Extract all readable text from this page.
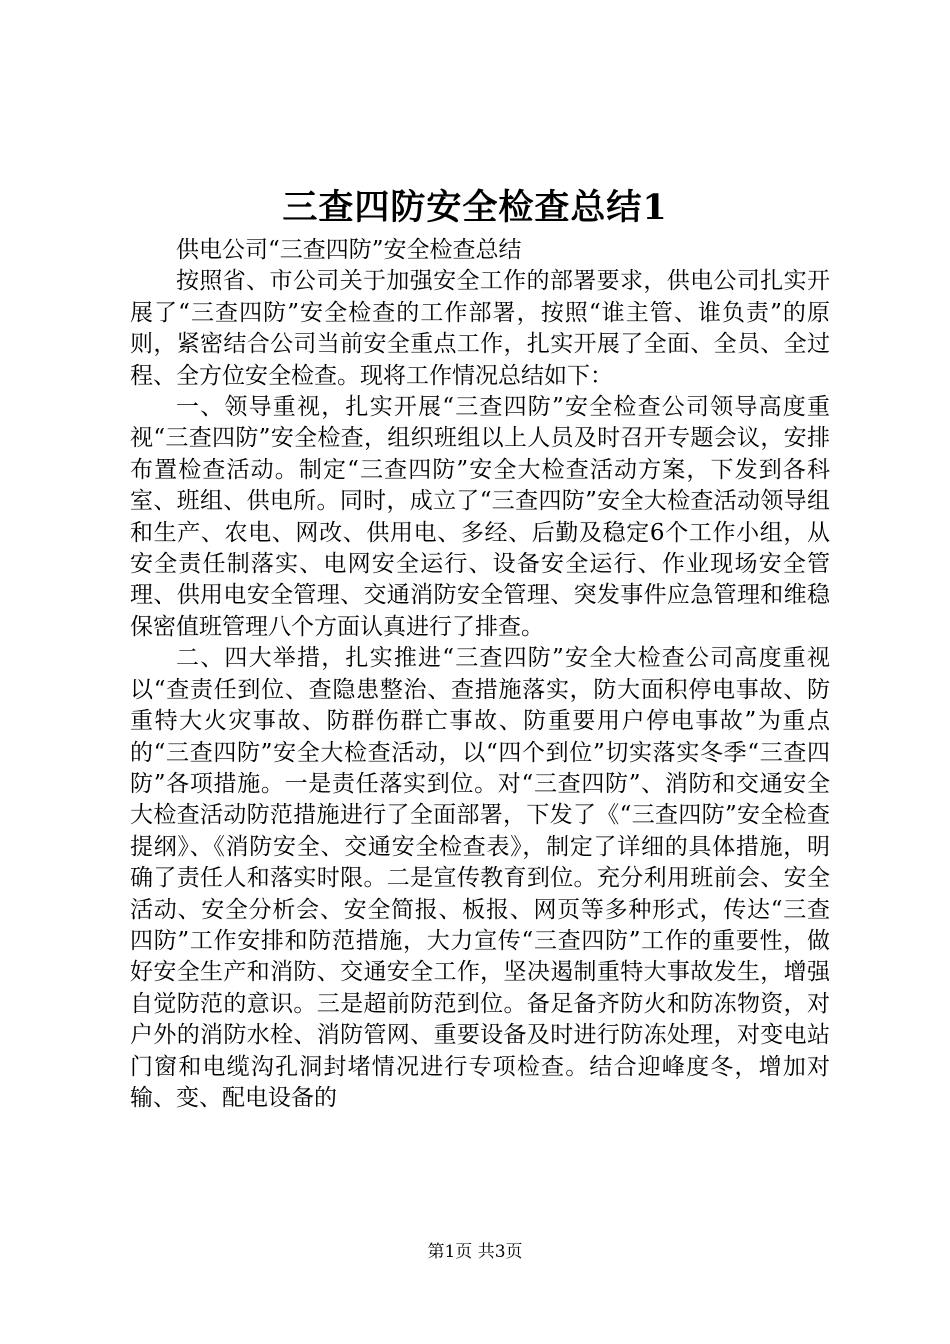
三查四防安全检查总结1

供电公司“三查四防”安全检查总结

按照省、市公司关于加强安全工作的部署要求，供电公司扎实开展了“三查四防”安全检查的工作部署，按照“谁主管、谁负责”的原则，紧密结合公司当前安全重点工作，扎实开展了全面、全员、全过程、全方位安全检查。现将工作情况总结如下：

一、领导重视，扎实开展“三查四防”安全检查公司领导高度重视“三查四防”安全检查，组织班组以上人员及时召开专题会议，安排布置检查活动。制定“三查四防”安全大检查活动方案，下发到各科室、班组、供电所。同时，成立了“三查四防”安全大检查活动领导组和生产、农电、网改、供用电、多经、后勤及稳定6个工作小组，从安全责任制落实、电网安全运行、设备安全运行、作业现场安全管理、供用电安全管理、交通消防安全管理、突发事件应急管理和维稳保密值班管理八个方面认真进行了排查。

二、四大举措，扎实推进“三查四防”安全大检查公司高度重视以“查责任到位、查隐患整治、查措施落实，防大面积停电事故、防重特大火灾事故、防群伤群亡事故、防重要用户停电事故”为重点的“三查四防”安全大检查活动，以“四个到位”切实落实冬季“三查四防”各项措施。一是责任落实到位。对“三查四防”、消防和交通安全大检查活动防范措施进行了全面部署，下发了《“三查四防”安全检查提纲》、《消防安全、交通安全检查表》，制定了详细的具体措施，明确了责任人和落实时限。二是宣传教育到位。充分利用班前会、安全活动、安全分析会、安全简报、板报、网页等多种形式，传达“三查四防”工作安排和防范措施，大力宣传“三查四防”工作的重要性，做好安全生产和消防、交通安全工作，坚决遏制重特大事故发生，增强自觉防范的意识。三是超前防范到位。备足备齐防火和防冻物资，对户外的消防水栓、消防管网、重要设备及时进行防冻处理，对变电站门窗和电缆沟孔洞封堵情况进行专项检查。结合迎峰度冬，增加对输、变、配电设备的

第1页 共3页
